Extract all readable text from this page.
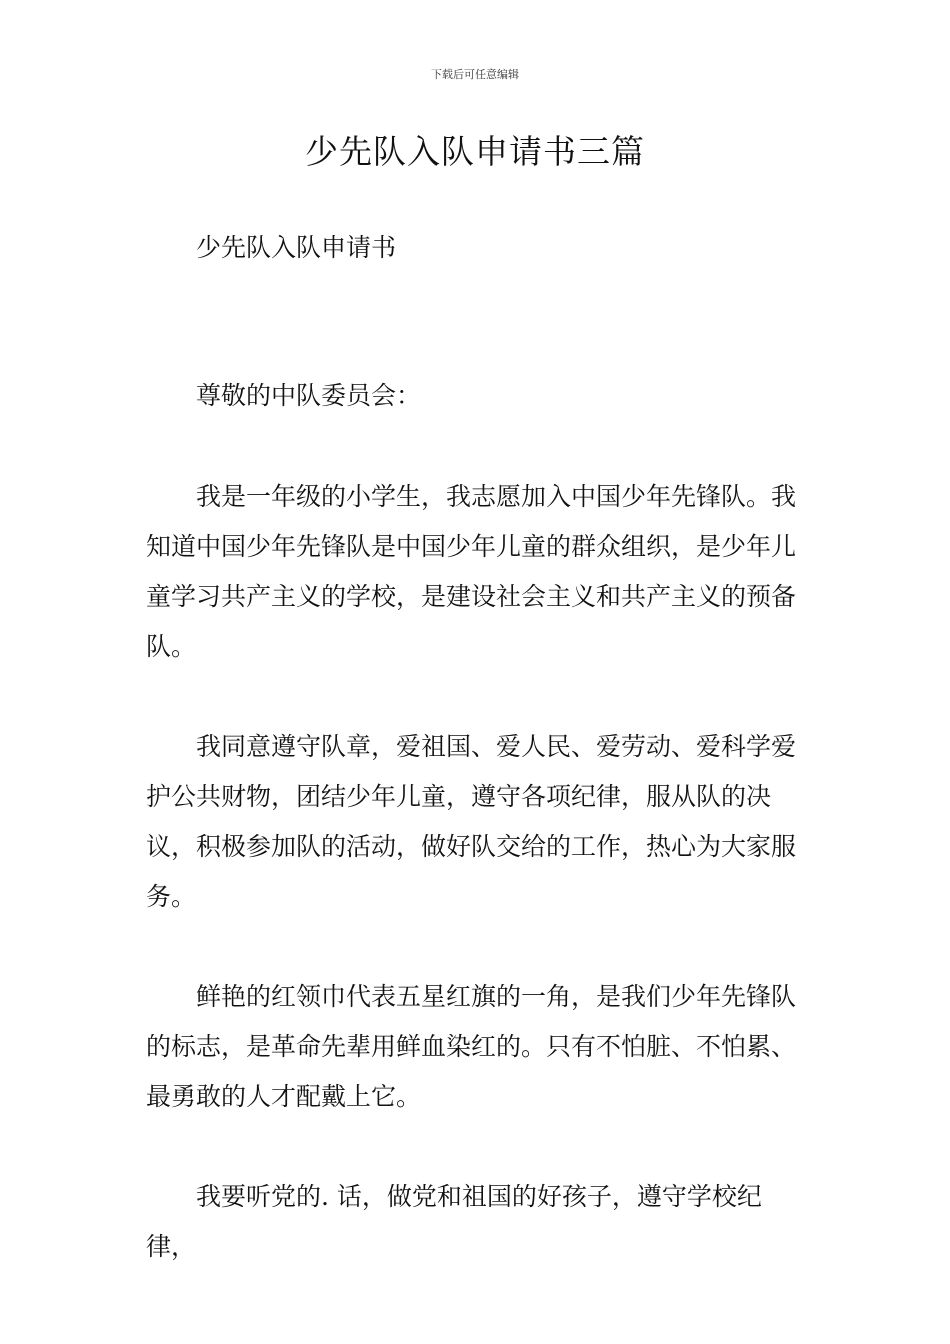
下载后可任意编辑
少先队入队申请书三篇
少先队入队申请书
尊敬的中队委员会：

我是一年级的小学生，我志愿加入中国少年先锋队。我知道中国少年先锋队是中国少年儿童的群众组织，是少年儿童学习共产主义的学校，是建设社会主义和共产主义的预备队。

我同意遵守队章，爱祖国、爱人民、爱劳动、爱科学爱护公共财物，团结少年儿童，遵守各项纪律，服从队的决议，积极参加队的活动，做好队交给的工作，热心为大家服务。

鲜艳的红领巾代表五星红旗的一角，是我们少年先锋队的标志，是革命先辈用鲜血染红的。只有不怕脏、不怕累、最勇敢的人才配戴上它。

我要听党的. 话，做党和祖国的好孩子，遵守学校纪律，
